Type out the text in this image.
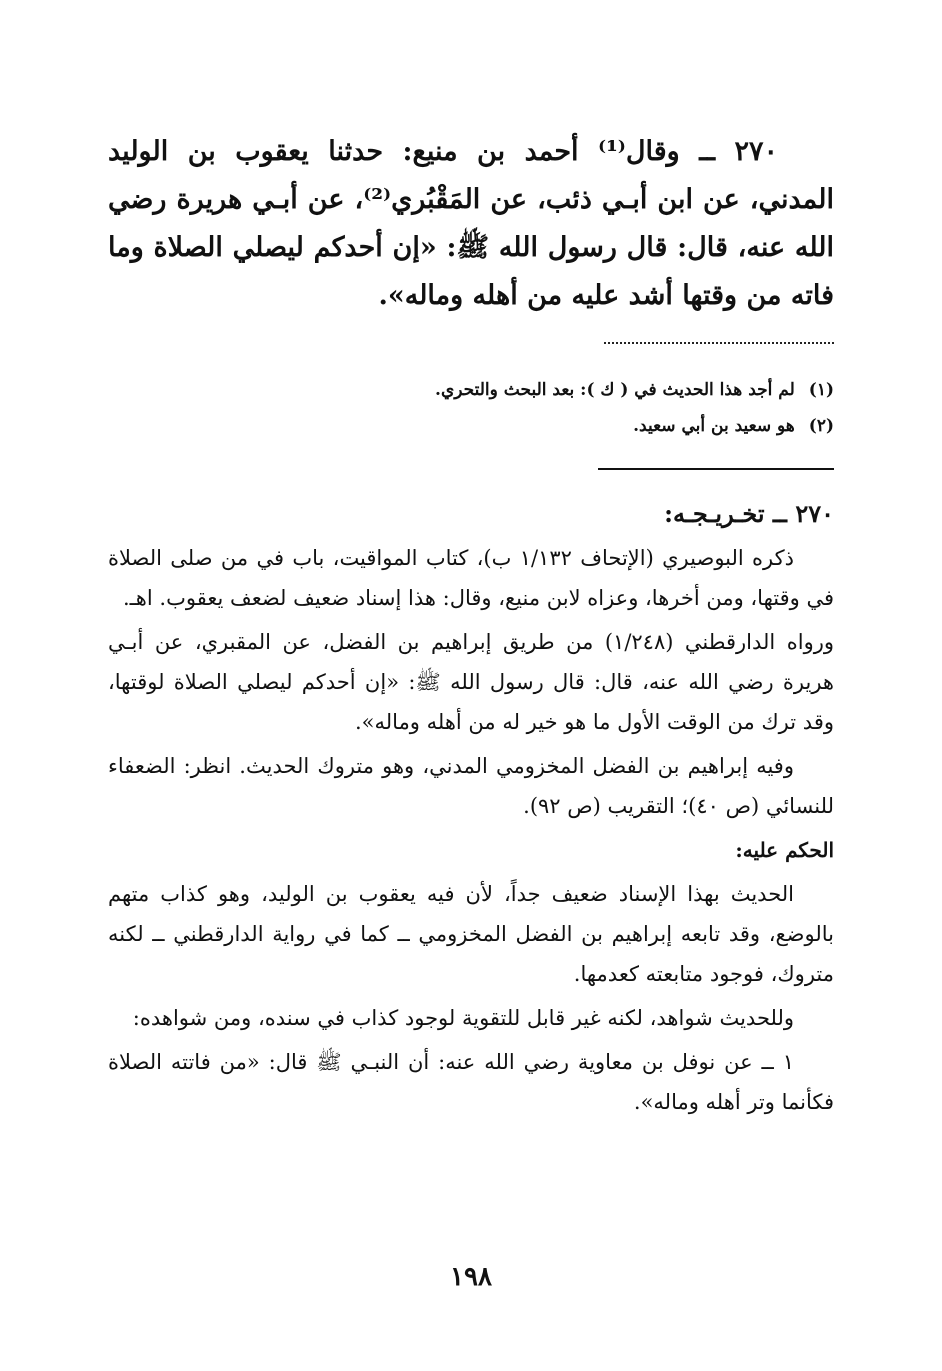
٢٧٠ ــ وقال⁽¹⁾ أحمد بن منيع: حدثنا يعقوب بن الوليد المدني، عن ابن أبـي ذئب، عن المَقْبُري⁽²⁾، عن أبـي هريرة رضي الله عنه، قال: قال رسول الله ﷺ: «إن أحدكم ليصلي الصلاة وما فاته من وقتها أشد عليه من أهله وماله».

(١)لم أجد هذا الحديث في ( ك ): بعد البحث والتحري.
(٢)هو سعيد بن أبي سعيد.

٢٧٠ ــ تخـريـجـه:

ذكره البوصيري (الإتحاف ١/١٣٢ ب)، كتاب المواقيت، باب في من صلى الصلاة في وقتها، ومن أخرها، وعزاه لابن منيع، وقال: هذا إسناد ضعيف لضعف يعقوب. اهـ.

ورواه الدارقطني (١/٢٤٨) من طريق إبراهيم بن الفضل، عن المقبري، عن أبـي هريرة رضي الله عنه، قال: قال رسول الله ﷺ: «إن أحدكم ليصلي الصلاة لوقتها، وقد ترك من الوقت الأول ما هو خير له من أهله وماله».

وفيه إبراهيم بن الفضل المخزومي المدني، وهو متروك الحديث. انظر: الضعفاء للنسائي (ص ٤٠)؛ التقريب (ص ٩٢).

الحكم عليه:

الحديث بهذا الإسناد ضعيف جداً، لأن فيه يعقوب بن الوليد، وهو كذاب متهم بالوضع، وقد تابعه إبراهيم بن الفضل المخزومي ــ كما في رواية الدارقطني ــ لكنه متروك، فوجود متابعته كعدمها.

وللحديث شواهد، لكنه غير قابل للتقوية لوجود كذاب في سنده، ومن شواهده:

١ ــ عن نوفل بن معاوية رضي الله عنه: أن النبـي ﷺ قال: «من فاتته الصلاة فكأنما وتر أهله وماله».

١٩٨
